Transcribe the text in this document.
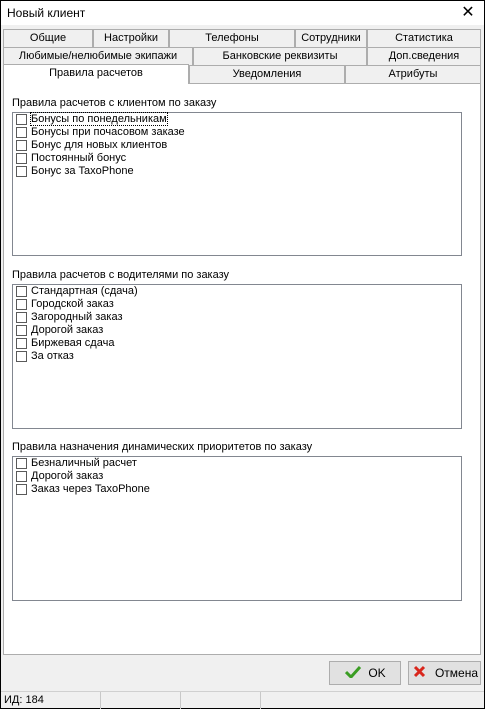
Новый клиент	✕
Общие	Настройки	Телефоны	Сотрудники	Статистика
Любимые/нелюбимые экипажи	Банковские реквизиты	Доп.сведения
Правила расчетов	Уведомления	Атрибуты
Правила расчетов с клиентом по заказу
Бонусы по понедельникам
Бонусы при почасовом заказе
Бонус для новых клиентов
Постоянный бонус
Бонус за TaxoPhone
Правила расчетов с водителями по заказу
Стандартная (сдача)
Городской заказ
Загородный заказ
Дорогой заказ
Биржевая сдача
За отказ
Правила назначения динамических приоритетов по заказу
Безналичный расчет
Дорогой заказ
Заказ через TaxoPhone
OK	Отмена
ИД: 184
